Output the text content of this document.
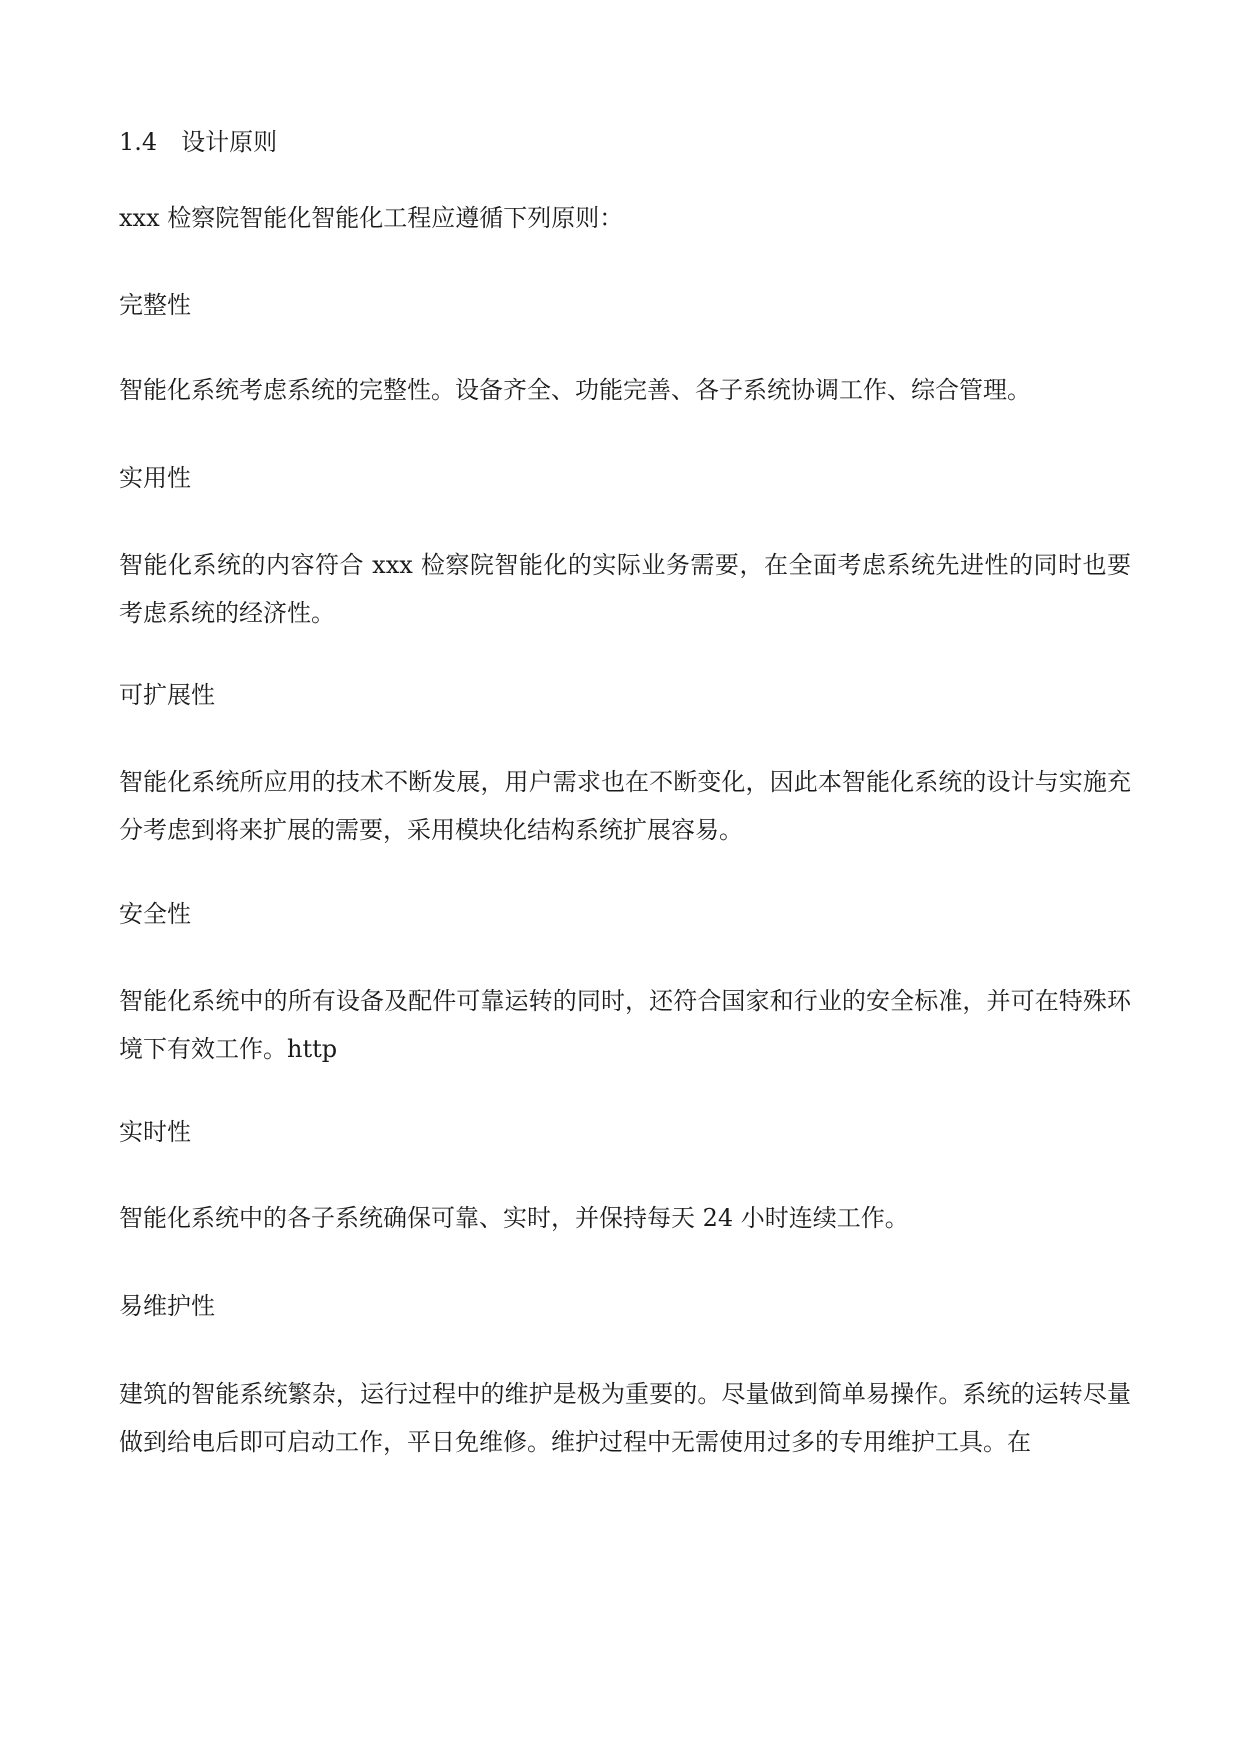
1.4　设计原则
xxx 检察院智能化智能化工程应遵循下列原则：
完整性
智能化系统考虑系统的完整性。设备齐全、功能完善、各子系统协调工作、综合管理。
实用性
智能化系统的内容符合 xxx 检察院智能化的实际业务需要，在全面考虑系统先进性的同时也要考虑系统的经济性。
可扩展性
智能化系统所应用的技术不断发展，用户需求也在不断变化，因此本智能化系统的设计与实施充分考虑到将来扩展的需要，采用模块化结构系统扩展容易。
安全性
智能化系统中的所有设备及配件可靠运转的同时，还符合国家和行业的安全标准，并可在特殊环境下有效工作。http
实时性
智能化系统中的各子系统确保可靠、实时，并保持每天 24 小时连续工作。
易维护性
建筑的智能系统繁杂，运行过程中的维护是极为重要的。尽量做到简单易操作。系统的运转尽量做到给电后即可启动工作，平日免维修。维护过程中无需使用过多的专用维护工具。在
